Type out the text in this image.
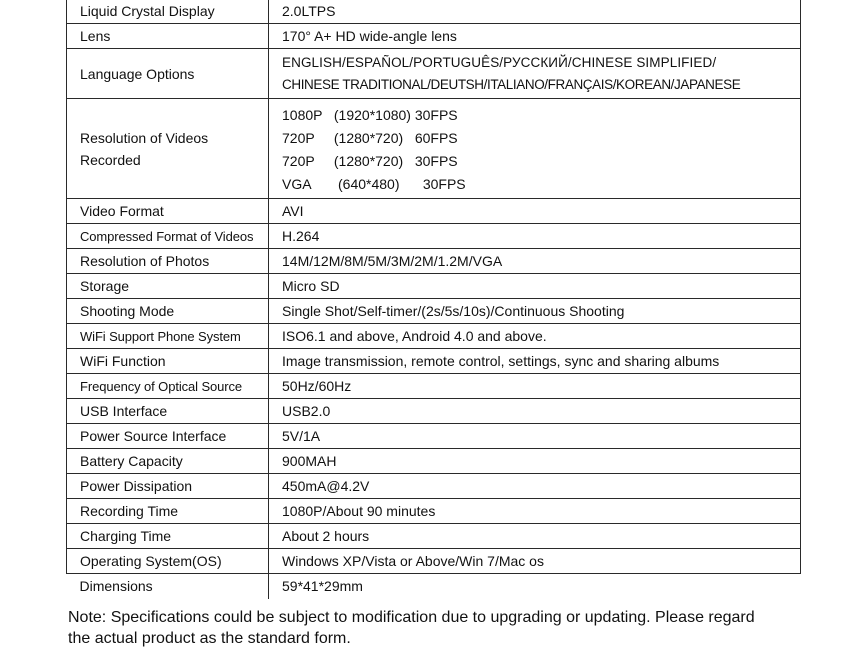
Liquid Crystal Display	2.0LTPS
Lens	170° A+ HD wide-angle lens
Language Options	ENGLISH/ESPAÑOL/PORTUGUÊS/РУССКИЙ/CHINESE SIMPLIFIED/
CHINESE TRADITIONAL/DEUTSH/ITALIANO/FRANÇAIS/KOREAN/JAPANESE

Resolution of Videos
Recorded	1080P   (1920*1080) 30FPS
720P     (1280*720)   60FPS
720P     (1280*720)   30FPS
VGA       (640*480)      30FPS

Video Format	AVI
Compressed Format of Videos	H.264
Resolution of Photos	14M/12M/8M/5M/3M/2M/1.2M/VGA
Storage	Micro SD
Shooting Mode	Single Shot/Self-timer/(2s/5s/10s)/Continuous Shooting
WiFi Support Phone System	ISO6.1 and above, Android 4.0 and above.
WiFi Function	Image transmission, remote control, settings, sync and sharing albums
Frequency of Optical Source	50Hz/60Hz
USB Interface	USB2.0
Power Source Interface	5V/1A
Battery Capacity	900MAH
Power Dissipation	450mA@4.2V
Recording Time	1080P/About 90 minutes
Charging Time	About 2 hours
Operating System(OS)	Windows XP/Vista or Above/Win 7/Mac os
Dimensions	59*41*29mm
Note: Specifications could be subject to modification due to upgrading or updating. Please regard
the actual product as the standard form.
